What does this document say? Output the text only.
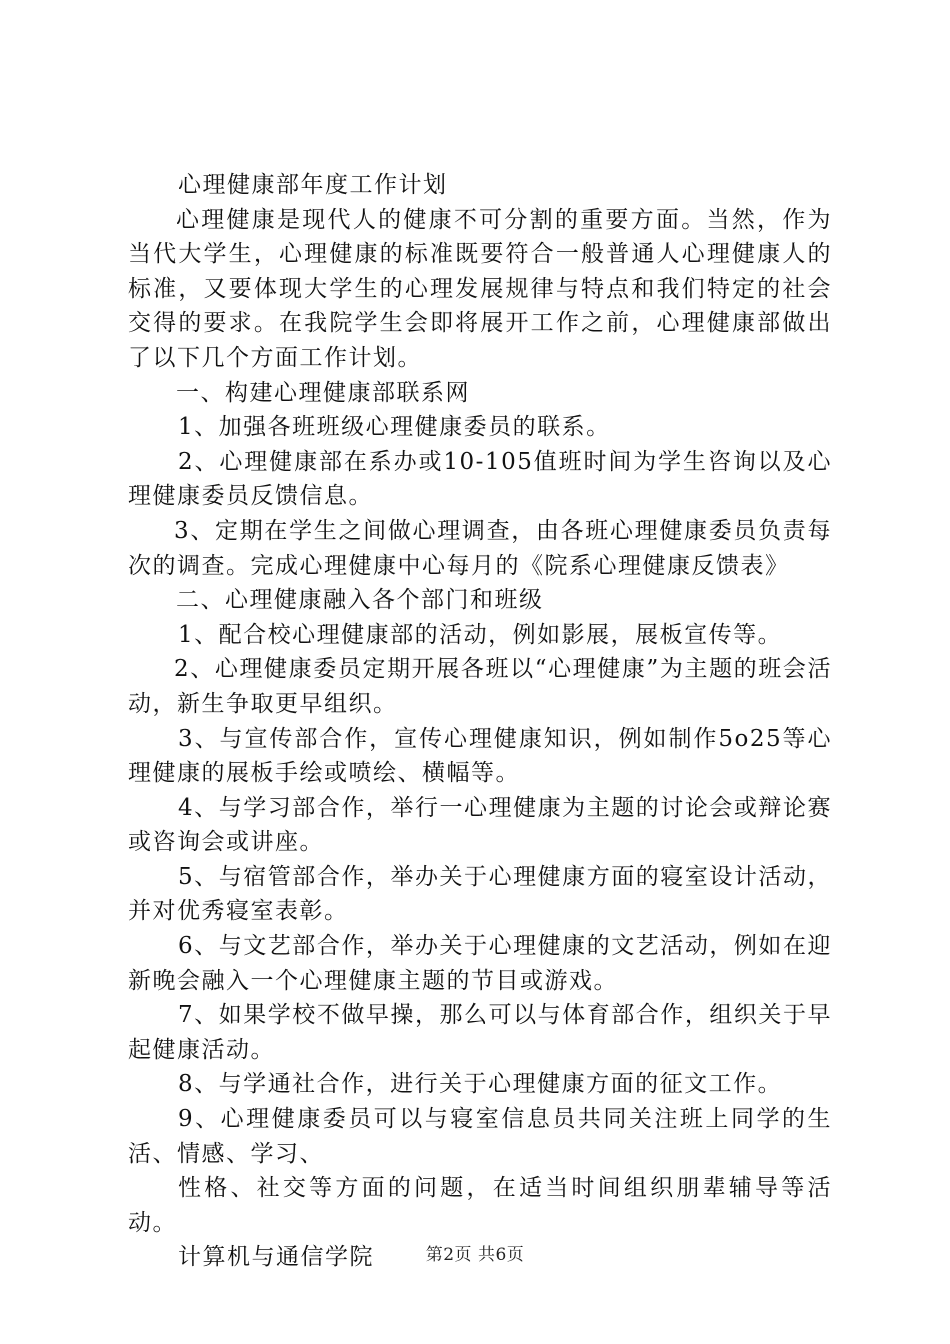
心理健康部年度工作计划

心理健康是现代人的健康不可分割的重要方面。当然，作为当代大学生，心理健康的标准既要符合一般普通人心理健康人的标准，又要体现大学生的心理发展规律与特点和我们特定的社会交得的要求。在我院学生会即将展开工作之前，心理健康部做出了以下几个方面工作计划。

一、构建心理健康部联系网

1、加强各班班级心理健康委员的联系。

2、心理健康部在系办或10-105值班时间为学生咨询以及心理健康委员反馈信息。

3、定期在学生之间做心理调查，由各班心理健康委员负责每次的调查。完成心理健康中心每月的《院系心理健康反馈表》

二、心理健康融入各个部门和班级

1、配合校心理健康部的活动，例如影展，展板宣传等。

2、心理健康委员定期开展各班以“心理健康”为主题的班会活动，新生争取更早组织。

3、与宣传部合作，宣传心理健康知识，例如制作5o25等心理健康的展板手绘或喷绘、横幅等。

4、与学习部合作，举行一心理健康为主题的讨论会或辩论赛或咨询会或讲座。

5、与宿管部合作，举办关于心理健康方面的寝室设计活动，并对优秀寝室表彰。

6、与文艺部合作，举办关于心理健康的文艺活动，例如在迎新晚会融入一个心理健康主题的节目或游戏。

7、如果学校不做早操，那么可以与体育部合作，组织关于早起健康活动。

8、与学通社合作，进行关于心理健康方面的征文工作。

9、心理健康委员可以与寝室信息员共同关注班上同学的生活、情感、学习、

性格、社交等方面的问题，在适当时间组织朋辈辅导等活动。

计算机与通信学院	第2页 共6页
